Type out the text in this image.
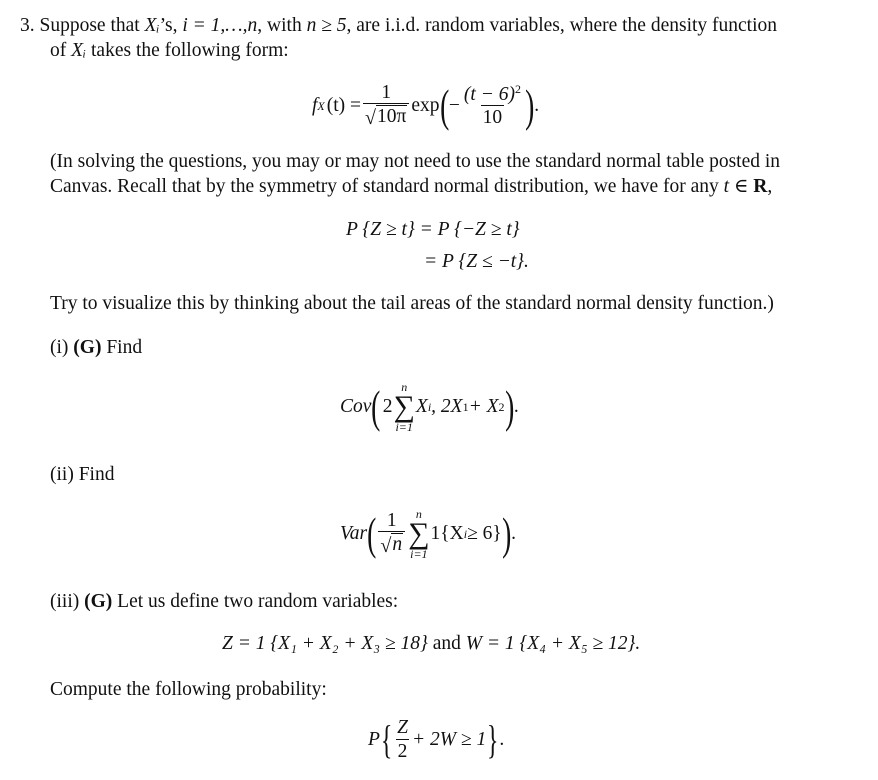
3. Suppose that Xᵢ’s, i = 1,…,n, with n ≥ 5, are i.i.d. random variables, where the density function
of Xᵢ takes the following form:
f X $(t) = \frac{1}{√ 10\pi}$ exp ( − $\frac{(t - 6)^2}{10}$ ) .
(In solving the questions, you may or may not need to use the standard normal table posted in
Canvas. Recall that by the symmetry of standard normal distribution, we have for any t ∈ R,
P {Z ≥ t} = P {−Z ≥ t}
= P {Z ≤ −t}.
Try to visualize this by thinking about the tail areas of the standard normal density function.)
(i) (G) Find
Cov ( 2
n
∑
i=1
X i , 2X 1 + X 2 ) .
(ii) Find
Var ( $\frac{1}{√ n}$ n
∑
i=1
1{X i ≥ 6} ) .
(iii) (G) Let us define two random variables:
Z = 1 {X₁ + X₂ + X₃ ≥ 18} and W = 1 {X₄ + X₅ ≥ 12}.
Compute the following probability:
P { $\frac{Z}{2} + 2W \ge 1$ } .
